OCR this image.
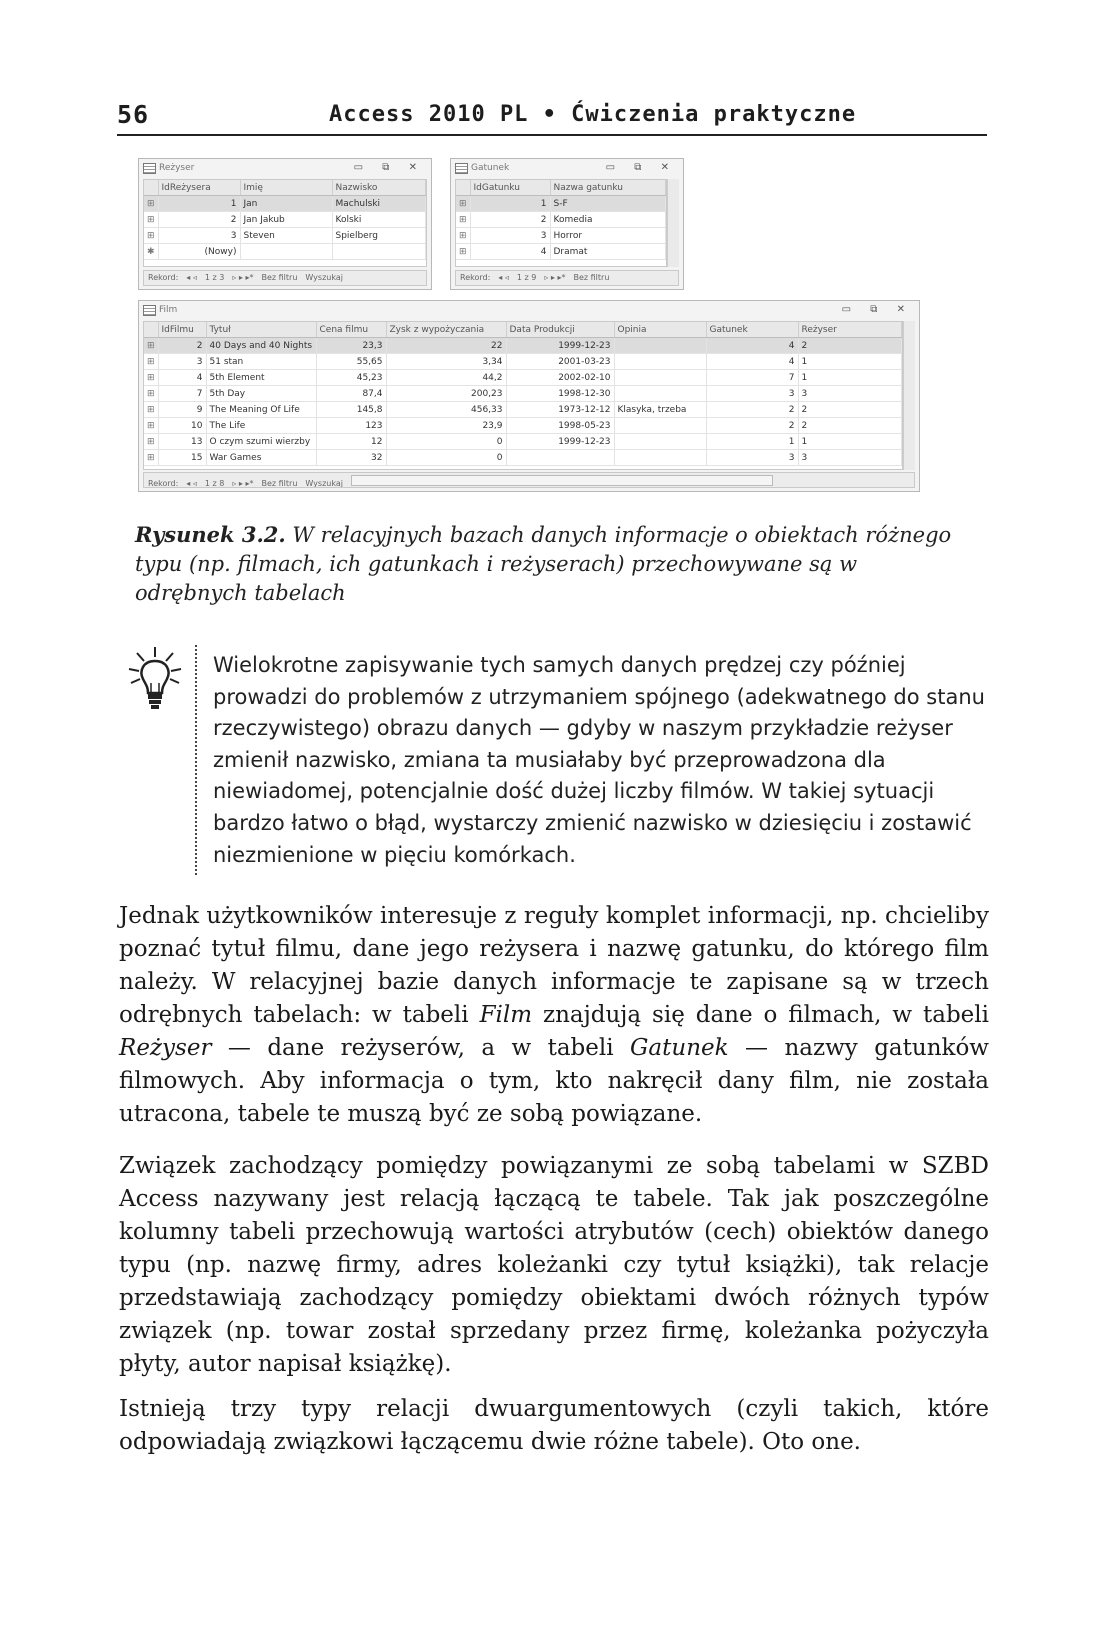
56	Access 2010 PL • Ćwiczenia praktyczne
Reżyser	▭ ⧉ ✕
	IdReżysera	Imię	Nazwisko
⊞	1	Jan	Machulski
⊞	2	Jan Jakub	Kolski
⊞	3	Steven	Spielberg
✱	(Nowy)		
Rekord: ◂ ◃ 1 z 3 ▹ ▸ ▸* Bez filtru Wyszukaj
Gatunek	▭ ⧉ ✕
	IdGatunku	Nazwa gatunku
⊞	1	S-F
⊞	2	Komedia
⊞	3	Horror
⊞	4	Dramat
Rekord: ◂ ◃ 1 z 9 ▹ ▸ ▸* Bez filtru
Film	▭ ⧉ ✕
	IdFilmu	Tytuł	Cena filmu	Zysk z wypożyczania	Data Produkcji	Opinia	Gatunek	Reżyser
⊞	2	40 Days and 40 Nights	23,3	22	1999-12-23		4	2
⊞	3	51 stan	55,65	3,34	2001-03-23		4	1
⊞	4	5th Element	45,23	44,2	2002-02-10		7	1
⊞	7	5th Day	87,4	200,23	1998-12-30		3	3
⊞	9	The Meaning Of Life	145,8	456,33	1973-12-12	Klasyka, trzeba	2	2
⊞	10	The Life	123	23,9	1998-05-23		2	2
⊞	13	O czym szumi wierzby	12	0	1999-12-23		1	1
⊞	15	War Games	32	0			3	3
Rekord: ◂ ◃ 1 z 8 ▹ ▸ ▸* Bez filtru Wyszukaj
Rysunek 3.2. W relacyjnych bazach danych informacje o obiektach różnego typu (np. filmach, ich gatunkach i reżyserach) przechowywane są w odrębnych tabelach
Wielokrotne zapisywanie tych samych danych prędzej czy później prowadzi do problemów z utrzymaniem spójnego (adekwatnego do stanu rzeczywistego) obrazu danych — gdyby w naszym przykładzie reżyser zmienił nazwisko, zmiana ta musiałaby być przeprowadzona dla niewiadomej, potencjalnie dość dużej liczby filmów. W takiej sytuacji bardzo łatwo o błąd, wystarczy zmienić nazwisko w dziesięciu i zostawić niezmienione w pięciu komórkach.
Jednak użytkowników interesuje z reguły komplet informacji, np. chcieliby poznać tytuł filmu, dane jego reżysera i nazwę gatunku, do którego film należy. W relacyjnej bazie danych informacje te zapisane są w trzech odrębnych tabelach: w tabeli Film znajdują się dane o filmach, w tabeli Reżyser — dane reżyserów, a w tabeli Gatunek — nazwy gatunków filmowych. Aby informacja o tym, kto nakręcił dany film, nie została utracona, tabele te muszą być ze sobą powiązane.
Związek zachodzący pomiędzy powiązanymi ze sobą tabelami w SZBD Access nazywany jest relacją łączącą te tabele. Tak jak poszczególne kolumny tabeli przechowują wartości atrybutów (cech) obiektów danego typu (np. nazwę firmy, adres koleżanki czy tytuł książki), tak relacje przedstawiają zachodzący pomiędzy obiektami dwóch różnych typów związek (np. towar został sprzedany przez firmę, koleżanka pożyczyła płyty, autor napisał książkę).
Istnieją trzy typy relacji dwuargumentowych (czyli takich, które odpowiadają związkowi łączącemu dwie różne tabele). Oto one.
